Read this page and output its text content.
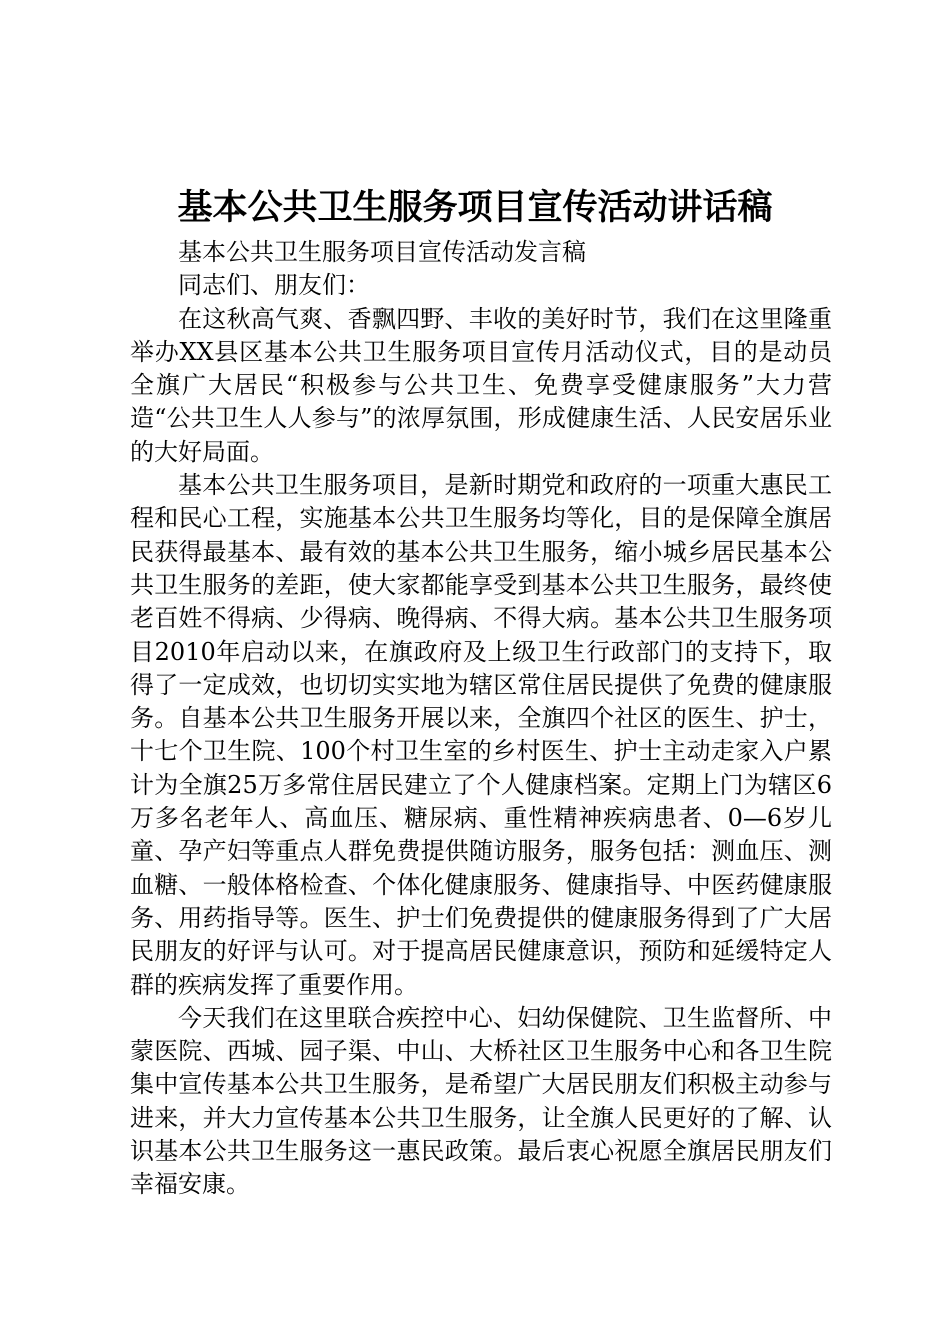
基本公共卫生服务项目宣传活动讲话稿

基本公共卫生服务项目宣传活动发言稿

同志们、朋友们：

在这秋高气爽、香飘四野、丰收的美好时节，我们在这里隆重举办XX县区基本公共卫生服务项目宣传月活动仪式，目的是动员全旗广大居民“积极参与公共卫生、免费享受健康服务”大力营造“公共卫生人人参与”的浓厚氛围，形成健康生活、人民安居乐业的大好局面。

基本公共卫生服务项目，是新时期党和政府的一项重大惠民工程和民心工程，实施基本公共卫生服务均等化，目的是保障全旗居民获得最基本、最有效的基本公共卫生服务，缩小城乡居民基本公共卫生服务的差距，使大家都能享受到基本公共卫生服务，最终使老百姓不得病、少得病、晚得病、不得大病。基本公共卫生服务项目2010年启动以来，在旗政府及上级卫生行政部门的支持下，取得了一定成效，也切切实实地为辖区常住居民提供了免费的健康服务。自基本公共卫生服务开展以来，全旗四个社区的医生、护士，十七个卫生院、100个村卫生室的乡村医生、护士主动走家入户累计为全旗25万多常住居民建立了个人健康档案。定期上门为辖区6万多名老年人、高血压、糖尿病、重性精神疾病患者、0—6岁儿童、孕产妇等重点人群免费提供随访服务，服务包括：测血压、测血糖、一般体格检查、个体化健康服务、健康指导、中医药健康服务、用药指导等。医生、护士们免费提供的健康服务得到了广大居民朋友的好评与认可。对于提高居民健康意识，预防和延缓特定人群的疾病发挥了重要作用。

今天我们在这里联合疾控中心、妇幼保健院、卫生监督所、中蒙医院、西城、园子渠、中山、大桥社区卫生服务中心和各卫生院集中宣传基本公共卫生服务，是希望广大居民朋友们积极主动参与进来，并大力宣传基本公共卫生服务，让全旗人民更好的了解、认识基本公共卫生服务这一惠民政策。最后衷心祝愿全旗居民朋友们幸福安康。
